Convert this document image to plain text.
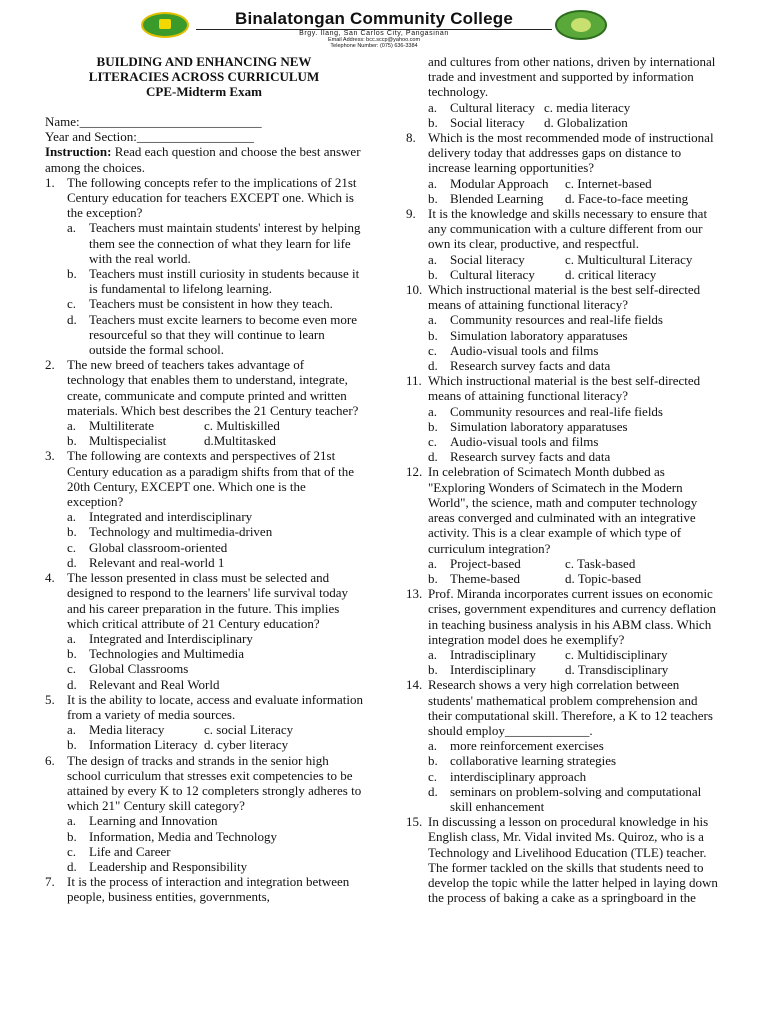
Binalatongan Community College
Brgy. Ilang, San Carlos City, Pangasinan
Email Address: bcc.sccp@yahoo.com
Telephone Number: (075) 636-3384
BUILDING AND ENHANCING NEW
LITERACIES ACROSS CURRICULUM
CPE-Midterm Exam
Name:____________________________
Year and Section:__________________

Instruction: Read each question and choose the best answer among the choices.

1. The following concepts refer to the implications of 21st Century education for teachers EXCEPT one. Which is the exception?

a. Teachers must maintain students' interest by helping them see the connection of what they learn for life with the real world.
b. Teachers must instill curiosity in students because it is fundamental to lifelong learning.
c. Teachers must be consistent in how they teach.
d. Teachers must excite learners to become even more resourceful so that they will continue to learn outside the formal school.
2. The new breed of teachers takes advantage of technology that enables them to understand, integrate, create, communicate and compute printed and written materials. Which best describes the 21 Century teacher?

a. Multiliterate	c. Multiskilled
b. Multispecialist	d.Multitasked
3. The following are contexts and perspectives of 21st Century education as a paradigm shifts from that of the 20th Century, EXCEPT one. Which one is the exception?

a. Integrated and interdisciplinary
b. Technology and multimedia-driven
c. Global classroom-oriented
d. Relevant and real-world 1
4. The lesson presented in class must be selected and designed to respond to the learners' life survival today and his career preparation in the future. This implies which critical attribute of 21 Century education?

a. Integrated and Interdisciplinary
b. Technologies and Multimedia
c. Global Classrooms
d. Relevant and Real World
5. It is the ability to locate, access and evaluate information from a variety of media sources.

a. Media literacy	c. social Literacy
b. Information Literacy d. cyber literacy
6. The design of tracks and strands in the senior high school curriculum that stresses exit competencies to be attained by every K to 12 completers strongly adheres to which 21" Century skill category?

a. Learning and Innovation
b. Information, Media and Technology
c. Life and Career
d. Leadership and Responsibility
7. It is the process of interaction and integration between people, business entities, governments,

and cultures from other nations, driven by international trade and investment and supported by information technology.

a. Cultural literacy c. media literacy
b. Social literacy	d. Globalization
8. Which is the most recommended mode of instructional delivery today that addresses gaps on distance to increase learning opportunities?

a. Modular Approach	c. Internet-based
b. Blended Learning	d. Face-to-face meeting
9. It is the knowledge and skills necessary to ensure that any communication with a culture different from our own its clear, productive, and respectful.

a. Social literacy	c. Multicultural Literacy
b. Cultural literacy	d. critical literacy
10. Which instructional material is the best self-directed means of attaining functional literacy?

a. Community resources and real-life fields
b. Simulation laboratory apparatuses
c. Audio-visual tools and films
d. Research survey facts and data
11. Which instructional material is the best self-directed means of attaining functional literacy?

a. Community resources and real-life fields
b. Simulation laboratory apparatuses
c. Audio-visual tools and films
d. Research survey facts and data
12. In celebration of Scimatech Month dubbed as "Exploring Wonders of Scimatech in the Modern World", the science, math and computer technology areas converged and culminated with an integrative activity. This is a clear example of which type of curriculum integration?

a. Project-based	c. Task-based
b. Theme-based	d. Topic-based
13. Prof. Miranda incorporates current issues on economic crises, government expenditures and currency deflation in teaching business analysis in his ABM class. Which integration model does he exemplify?

a. Intradisciplinary	c. Multidisciplinary
b. Interdisciplinary	d. Transdisciplinary
14. Research shows a very high correlation between students' mathematical problem comprehension and their computational skill. Therefore, a K to 12 teachers should employ_____________.

a. more reinforcement exercises
b. collaborative learning strategies
c. interdisciplinary approach
d. seminars on problem-solving and computational skill enhancement
15. In discussing a lesson on procedural knowledge in his English class, Mr. Vidal invited Ms. Quiroz, who is a Technology and Livelihood Education (TLE) teacher. The former tackled on the skills that students need to develop the topic while the latter helped in laying down the process of baking a cake as a springboard in the
